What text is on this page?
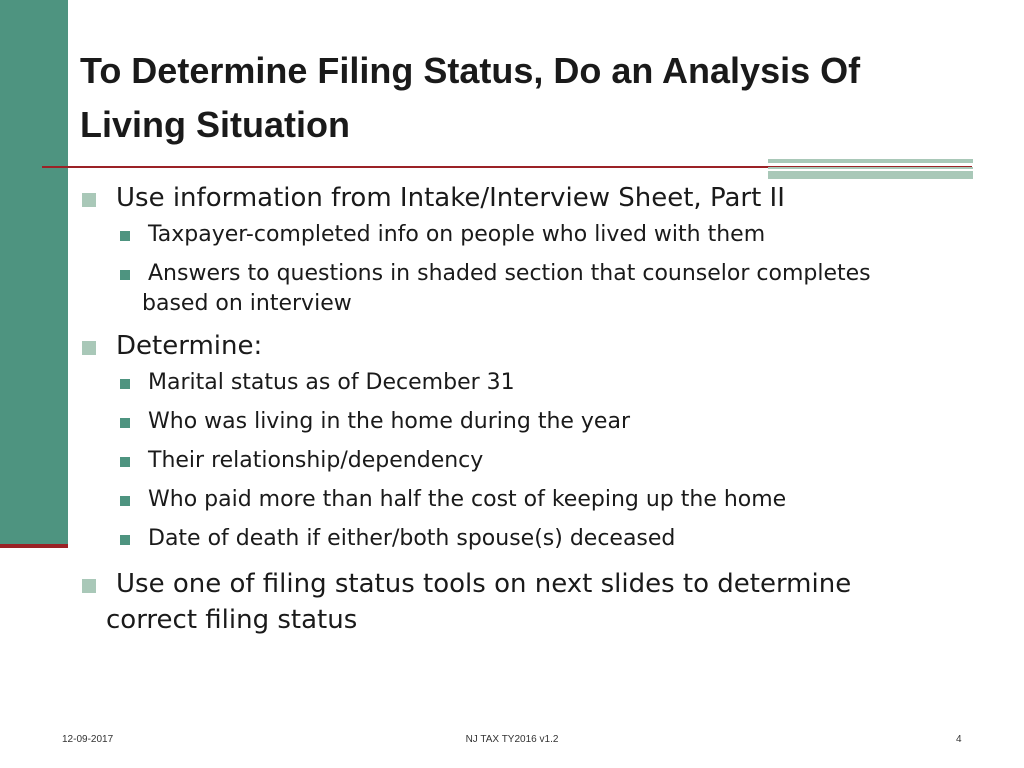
To Determine Filing Status, Do an Analysis Of
Living Situation
Use information from Intake/Interview Sheet, Part II
Taxpayer-completed info on people who lived with them
Answers to questions in shaded section that counselor completes
based on interview
Determine:
Marital status as of December 31
Who was living in the home during the year
Their relationship/dependency
Who paid more than half the cost of keeping up the home
Date of death if either/both spouse(s) deceased
Use one of filing status tools on next slides to determine
correct filing status
12-09-2017	NJ TAX TY2016 v1.2	4
